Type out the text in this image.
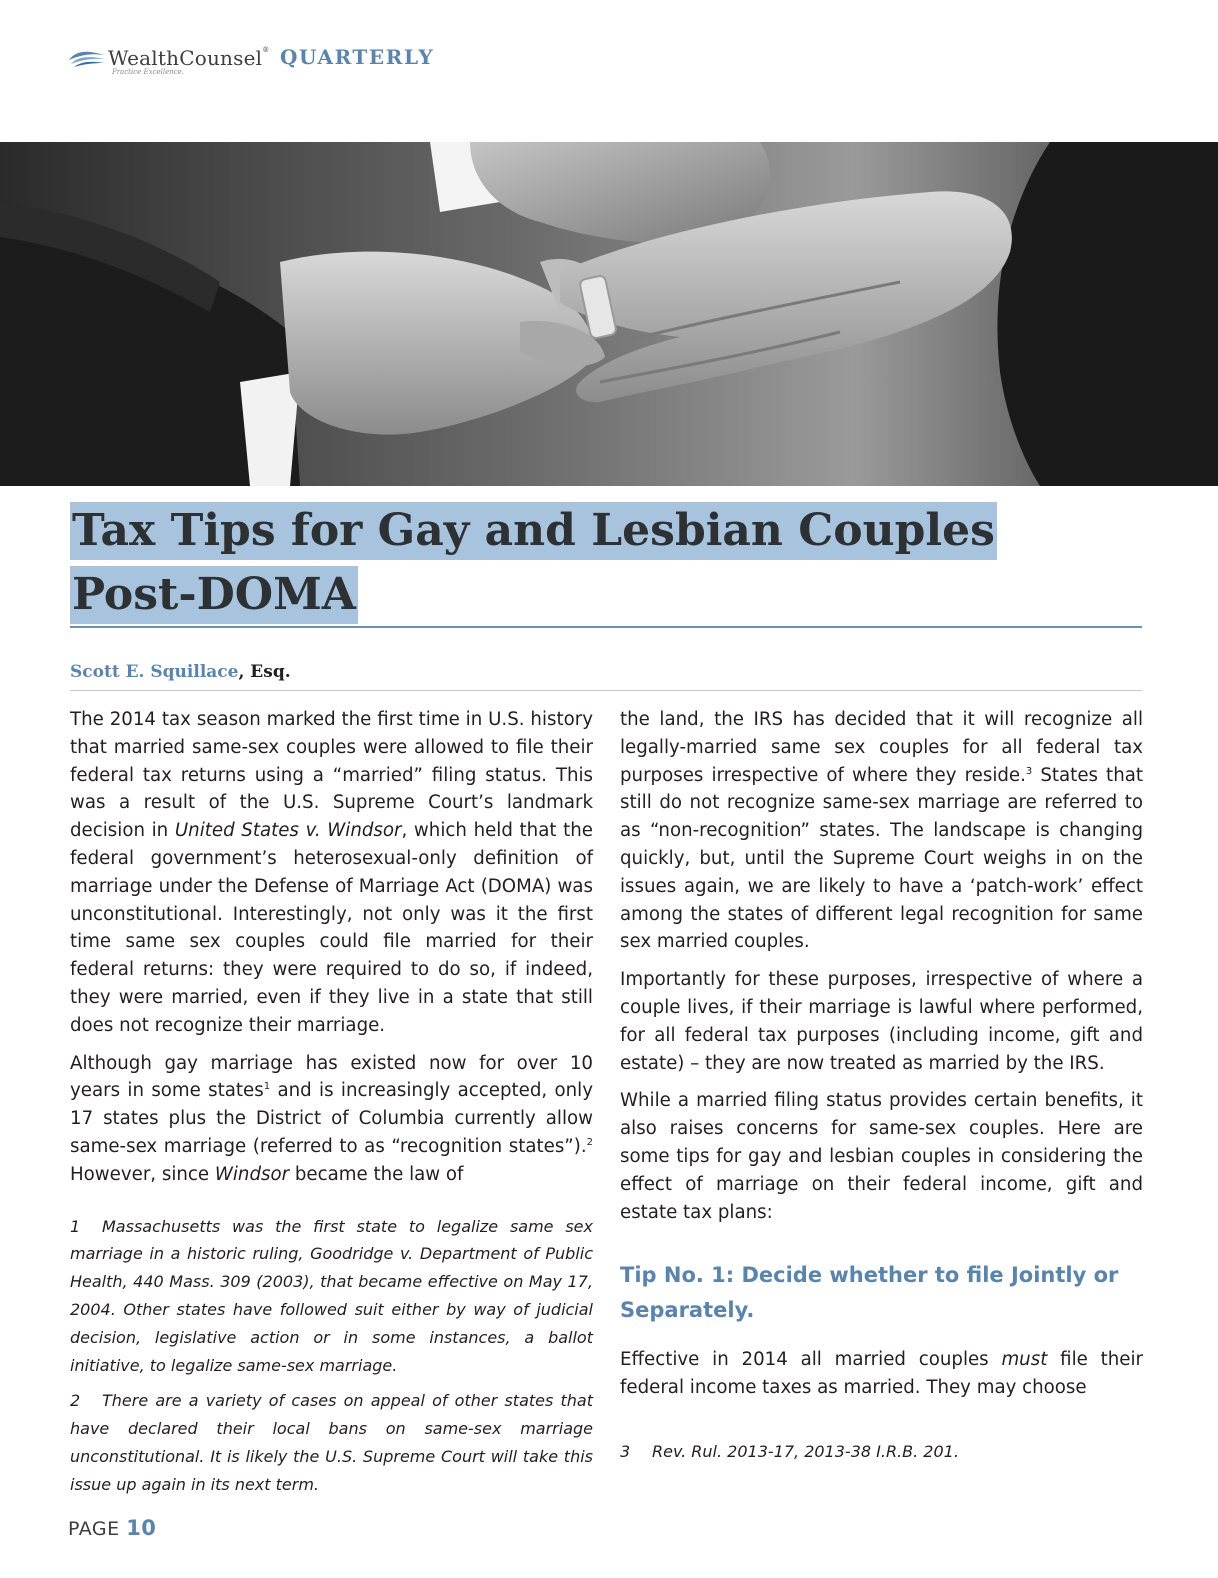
WealthCounsel®
Practice Excellence.
QUARTERLY
Tax Tips for Gay and Lesbian Couples
Post-DOMA
Scott E. Squillace, Esq.

The 2014 tax season marked the first time in U.S. history that married same-sex couples were allowed to file their federal tax returns using a “married” filing status. This was a result of the U.S. Supreme Court’s landmark decision in United States v. Windsor, which held that the federal government’s heterosexual-only definition of marriage under the Defense of Marriage Act (DOMA) was unconstitutional. Interestingly, not only was it the first time same sex couples could file married for their federal returns: they were required to do so, if indeed, they were married, even if they live in a state that still does not recognize their marriage.

Although gay marriage has existed now for over 10 years in some states$^1$ and is increasingly accepted, only 17 states plus the District of Columbia currently allow same-sex marriage (referred to as “recognition states”).$^2$ However, since Windsor became the law of

1 Massachusetts was the first state to legalize same sex marriage in a historic ruling, Goodridge v. Department of Public Health, 440 Mass. 309 (2003), that became effective on May 17, 2004. Other states have followed suit either by way of judicial decision, legislative action or in some instances, a ballot initiative, to legalize same-sex marriage.

2 There are a variety of cases on appeal of other states that have declared their local bans on same-sex marriage unconstitutional. It is likely the U.S. Supreme Court will take this issue up again in its next term.

the land, the IRS has decided that it will recognize all legally-married same sex couples for all federal tax purposes irrespective of where they reside.$^3$ States that still do not recognize same-sex marriage are referred to as “non-recognition” states. The landscape is changing quickly, but, until the Supreme Court weighs in on the issues again, we are likely to have a ‘patch-work’ effect among the states of different legal recognition for same sex married couples.

Importantly for these purposes, irrespective of where a couple lives, if their marriage is lawful where performed, for all federal tax purposes (including income, gift and estate) – they are now treated as married by the IRS.

While a married filing status provides certain benefits, it also raises concerns for same-sex couples. Here are some tips for gay and lesbian couples in considering the effect of marriage on their federal income, gift and estate tax plans:

Tip No. 1: Decide whether to file Jointly or Separately.

Effective in 2014 all married couples must file their federal income taxes as married. They may choose

3 Rev. Rul. 2013-17, 2013-38 I.R.B. 201.

PAGE 10
